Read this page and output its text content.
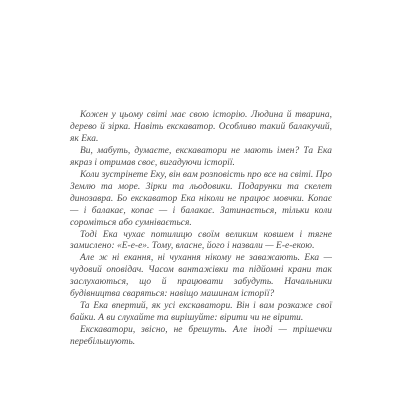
Кожен у цьому світі має свою історію. Людина й тварина, дерево й зірка. Навіть екскаватор. Особливо такий балакучий, як Ека.

Ви, мабуть, думаєте, екскаватори не мають імен? Та Ека якраз і отримав своє, вигадуючи історії.

Коли зустрінете Еку, він вам розповість про все на світі. Про Землю та море. Зірки та льодовики. Подарунки та скелет динозавра. Бо екскаватор Ека ніколи не працює мовчки. Копає — і балакає, копає — і балакає. Затинається, тільки коли сороміться або сумнівається.

Тоді Ека чухає потилицю своїм великим ковшем і тягне замислено: «Е-е-е». Тому, власне, його і назвали — Е-е-екою.

Але ж ні екання, ні чухання нікому не заважають. Ека — чудовий оповідач. Часом вантажівки та підйомні крани так заслухаються, що й працювати забудуть. Начальники будівництва сваряться: навіщо машинам історії?

Та Ека впертий, як усі екскаватори. Він і вам розкаже свої байки. А ви слухайте та вирішуйте: вірити чи не вірити.

Екскаватори, звісно, не брешуть. Але іноді — трішечки перебільшують.
